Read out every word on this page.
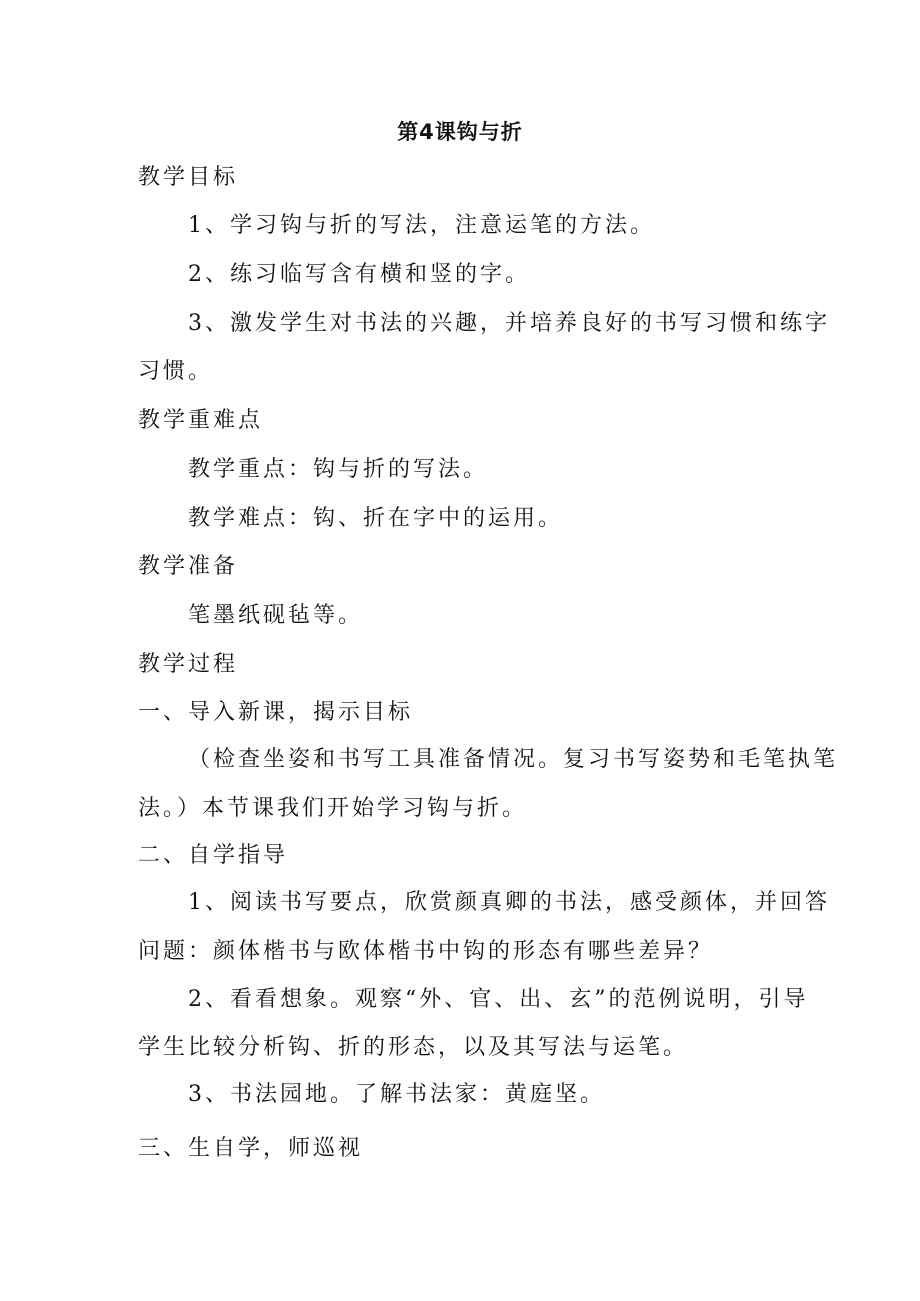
第4课钩与折
教学目标
1、学习钩与折的写法，注意运笔的方法。
2、练习临写含有横和竖的字。
3、激发学生对书法的兴趣，并培养良好的书写习惯和练字
习惯。
教学重难点
教学重点：钩与折的写法。
教学难点：钩、折在字中的运用。
教学准备
笔墨纸砚毡等。
教学过程
一、导入新课，揭示目标
（检查坐姿和书写工具准备情况。复习书写姿势和毛笔执笔
法。）本节课我们开始学习钩与折。
二、自学指导
1、阅读书写要点，欣赏颜真卿的书法，感受颜体，并回答
问题：颜体楷书与欧体楷书中钩的形态有哪些差异？
2、看看想象。观察“外、官、出、玄”的范例说明，引导
学生比较分析钩、折的形态，以及其写法与运笔。
3、书法园地。了解书法家：黄庭坚。
三、生自学，师巡视
